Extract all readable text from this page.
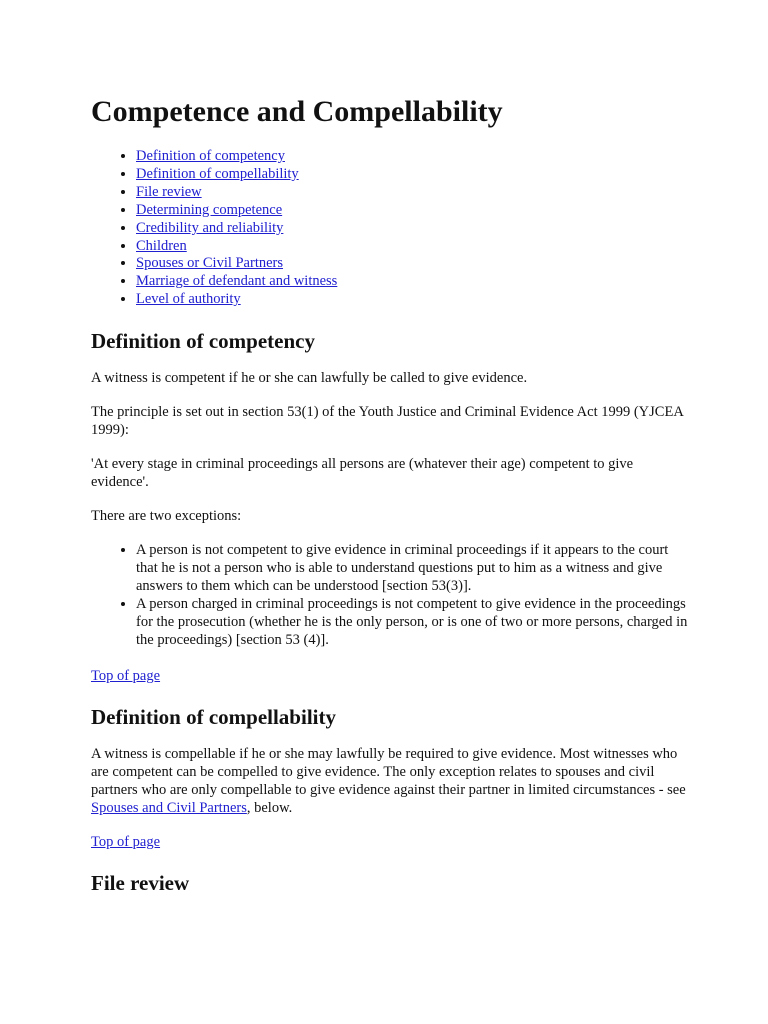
Competence and Compellability
• Definition of competency
• Definition of compellability
• File review
• Determining competence
• Credibility and reliability
• Children
• Spouses or Civil Partners
• Marriage of defendant and witness
• Level of authority
Definition of competency

A witness is competent if he or she can lawfully be called to give evidence.

The principle is set out in section 53(1) of the Youth Justice and Criminal Evidence Act 1999 (YJCEA 1999):

'At every stage in criminal proceedings all persons are (whatever their age) competent to give evidence'.

There are two exceptions:

• A person is not competent to give evidence in criminal proceedings if it appears to the court that he is not a person who is able to understand questions put to him as a witness and give answers to them which can be understood [section 53(3)].
• A person charged in criminal proceedings is not competent to give evidence in the proceedings for the prosecution (whether he is the only person, or is one of two or more persons, charged in the proceedings) [section 53 (4)].

Top of page

Definition of compellability

A witness is compellable if he or she may lawfully be required to give evidence. Most witnesses who are competent can be compelled to give evidence. The only exception relates to spouses and civil partners who are only compellable to give evidence against their partner in limited circumstances - see Spouses and Civil Partners, below.

Top of page

File review
